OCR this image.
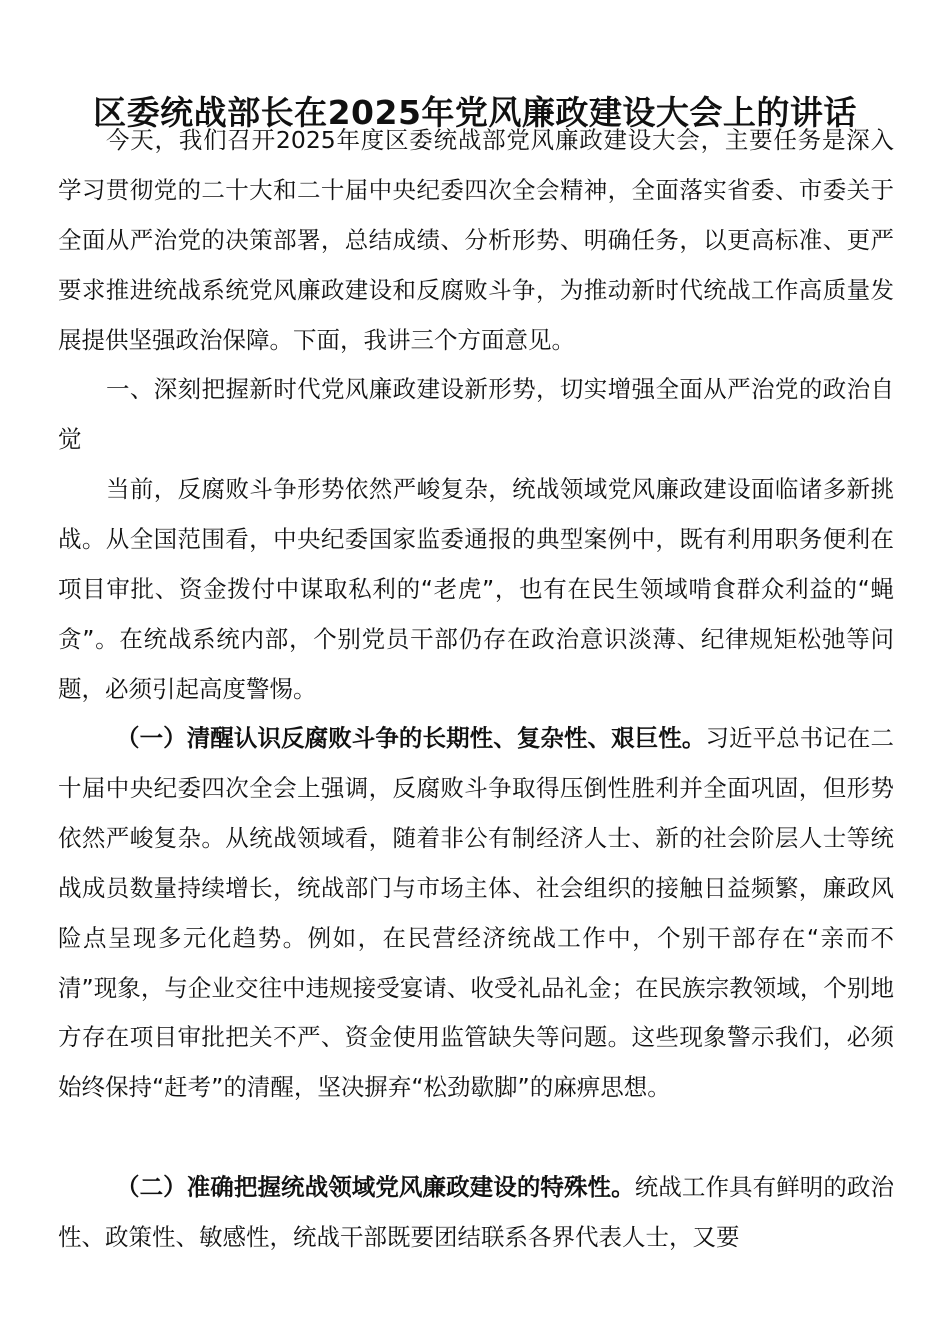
区委统战部长在2025年党风廉政建设大会上的讲话

今天，我们召开2025年度区委统战部党风廉政建设大会，主要任务是深入学习贯彻党的二十大和二十届中央纪委四次全会精神，全面落实省委、市委关于全面从严治党的决策部署，总结成绩、分析形势、明确任务，以更高标准、更严要求推进统战系统党风廉政建设和反腐败斗争，为推动新时代统战工作高质量发展提供坚强政治保障。下面，我讲三个方面意见。

一、深刻把握新时代党风廉政建设新形势，切实增强全面从严治党的政治自觉

当前，反腐败斗争形势依然严峻复杂，统战领域党风廉政建设面临诸多新挑战。从全国范围看，中央纪委国家监委通报的典型案例中，既有利用职务便利在项目审批、资金拨付中谋取私利的“老虎”，也有在民生领域啃食群众利益的“蝇贪”。在统战系统内部，个别党员干部仍存在政治意识淡薄、纪律规矩松弛等问题，必须引起高度警惕。

（一）清醒认识反腐败斗争的长期性、复杂性、艰巨性。习近平总书记在二十届中央纪委四次全会上强调，反腐败斗争取得压倒性胜利并全面巩固，但形势依然严峻复杂。从统战领域看，随着非公有制经济人士、新的社会阶层人士等统战成员数量持续增长，统战部门与市场主体、社会组织的接触日益频繁，廉政风险点呈现多元化趋势。例如，在民营经济统战工作中，个别干部存在“亲而不清”现象，与企业交往中违规接受宴请、收受礼品礼金；在民族宗教领域，个别地方存在项目审批把关不严、资金使用监管缺失等问题。这些现象警示我们，必须始终保持“赶考”的清醒，坚决摒弃“松劲歇脚”的麻痹思想。

（二）准确把握统战领域党风廉政建设的特殊性。统战工作具有鲜明的政治性、政策性、敏感性，统战干部既要团结联系各界代表人士，又要
